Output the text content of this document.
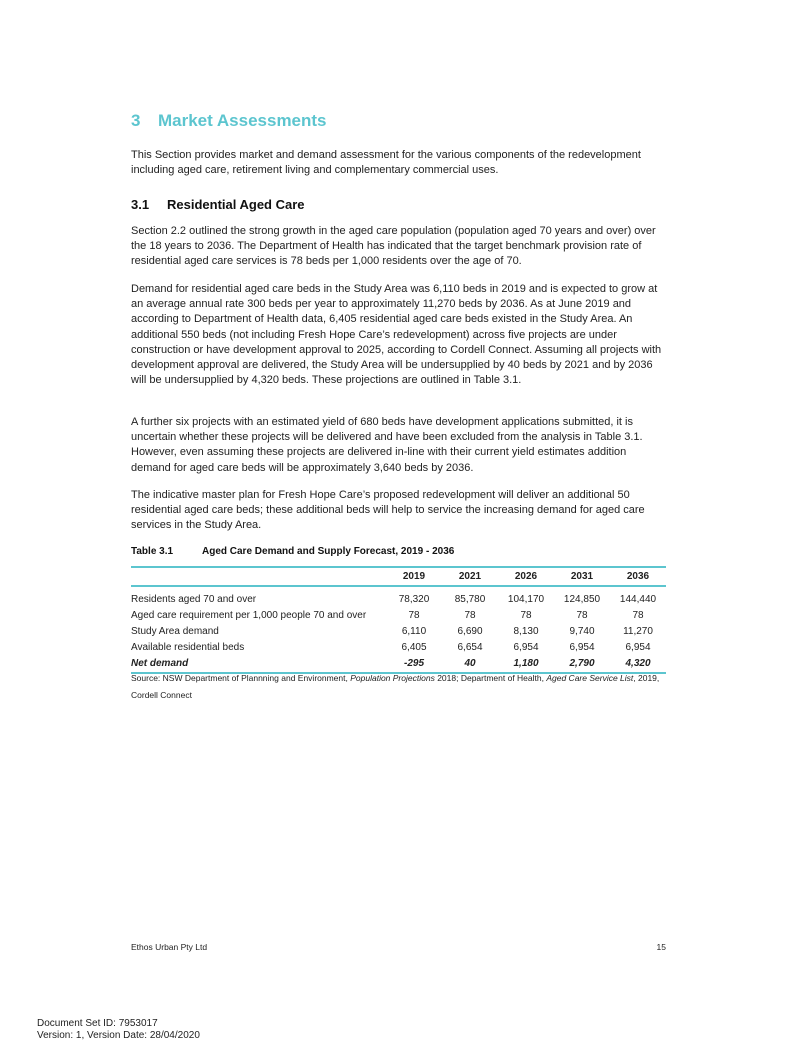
3 Market Assessments

This Section provides market and demand assessment for the various components of the redevelopment including aged care, retirement living and complementary commercial uses.

3.1 Residential Aged Care

Section 2.2 outlined the strong growth in the aged care population (population aged 70 years and over) over the 18 years to 2036. The Department of Health has indicated that the target benchmark provision rate of residential aged care services is 78 beds per 1,000 residents over the age of 70.

Demand for residential aged care beds in the Study Area was 6,110 beds in 2019 and is expected to grow at an average annual rate 300 beds per year to approximately 11,270 beds by 2036. As at June 2019 and according to Department of Health data, 6,405 residential aged care beds existed in the Study Area. An additional 550 beds (not including Fresh Hope Care’s redevelopment) across five projects are under construction or have development approval to 2025, according to Cordell Connect. Assuming all projects with development approval are delivered, the Study Area will be undersupplied by 40 beds by 2021 and by 2036 will be undersupplied by 4,320 beds. These projections are outlined in Table 3.1.

A further six projects with an estimated yield of 680 beds have development applications submitted, it is uncertain whether these projects will be delivered and have been excluded from the analysis in Table 3.1. However, even assuming these projects are delivered in-line with their current yield estimates addition demand for aged care beds will be approximately 3,640 beds by 2036.

The indicative master plan for Fresh Hope Care’s proposed redevelopment will deliver an additional 50 residential aged care beds; these additional beds will help to service the increasing demand for aged care services in the Study Area.

Table 3.1	Aged Care Demand and Supply Forecast, 2019 - 2036
	2019	2021	2026	2031	2036

Residents aged 70 and over	78,320	85,780	104,170	124,850	144,440
Aged care requirement per 1,000 people 70 and over	78	78	78	78	78
Study Area demand	6,110	6,690	8,130	9,740	11,270
Available residential beds	6,405	6,654	6,954	6,954	6,954
Net demand	-295	40	1,180	2,790	4,320
Source: NSW Department of Plannning and Environment, Population Projections 2018; Department of Health, Aged Care Service List, 2019, Cordell Connect
Ethos Urban Pty Ltd	15
Document Set ID: 7953017
Version: 1, Version Date: 28/04/2020
